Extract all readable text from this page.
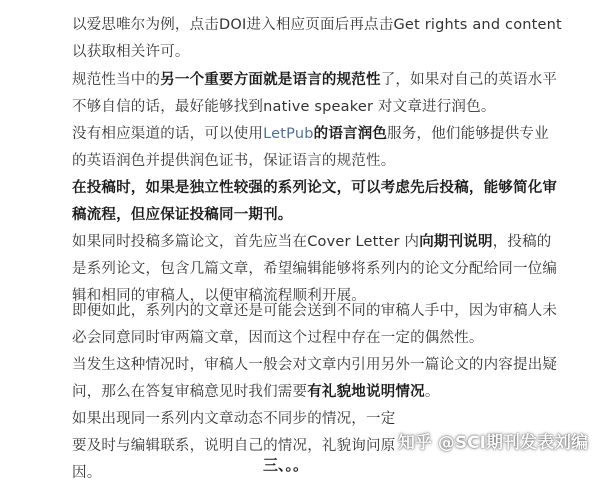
以爱思唯尔为例，点击DOI进入相应页面后再点击Get rights and content 以获取相关许可。

规范性当中的另一个重要方面就是语言的规范性了，如果对自己的英语水平不够自信的话，最好能够找到native speaker 对文章进行润色。

没有相应渠道的话，可以使用LetPub的语言润色服务，他们能够提供专业的英语润色并提供润色证书，保证语言的规范性。

在投稿时，如果是独立性较强的系列论文，可以考虑先后投稿，能够简化审稿流程，但应保证投稿同一期刊。

如果同时投稿多篇论文，首先应当在Cover Letter 内向期刊说明，投稿的是系列论文，包含几篇文章，希望编辑能够将系列内的论文分配给同一位编辑和相同的审稿人，以便审稿流程顺利开展。

即便如此，系列内的文章还是可能会送到不同的审稿人手中，因为审稿人未必会同意同时审两篇文章，因而这个过程中存在一定的偶然性。

当发生这种情况时，审稿人一般会对文章内引用另外一篇论文的内容提出疑问，那么在答复审稿意见时我们需要有礼貌地说明情况。

如果出现同一系列内文章动态不同步的情况，一定要及时与编辑联系，说明自己的情况，礼貌询问原因。

知乎 @SCI期刊发表刘编
三、。。
